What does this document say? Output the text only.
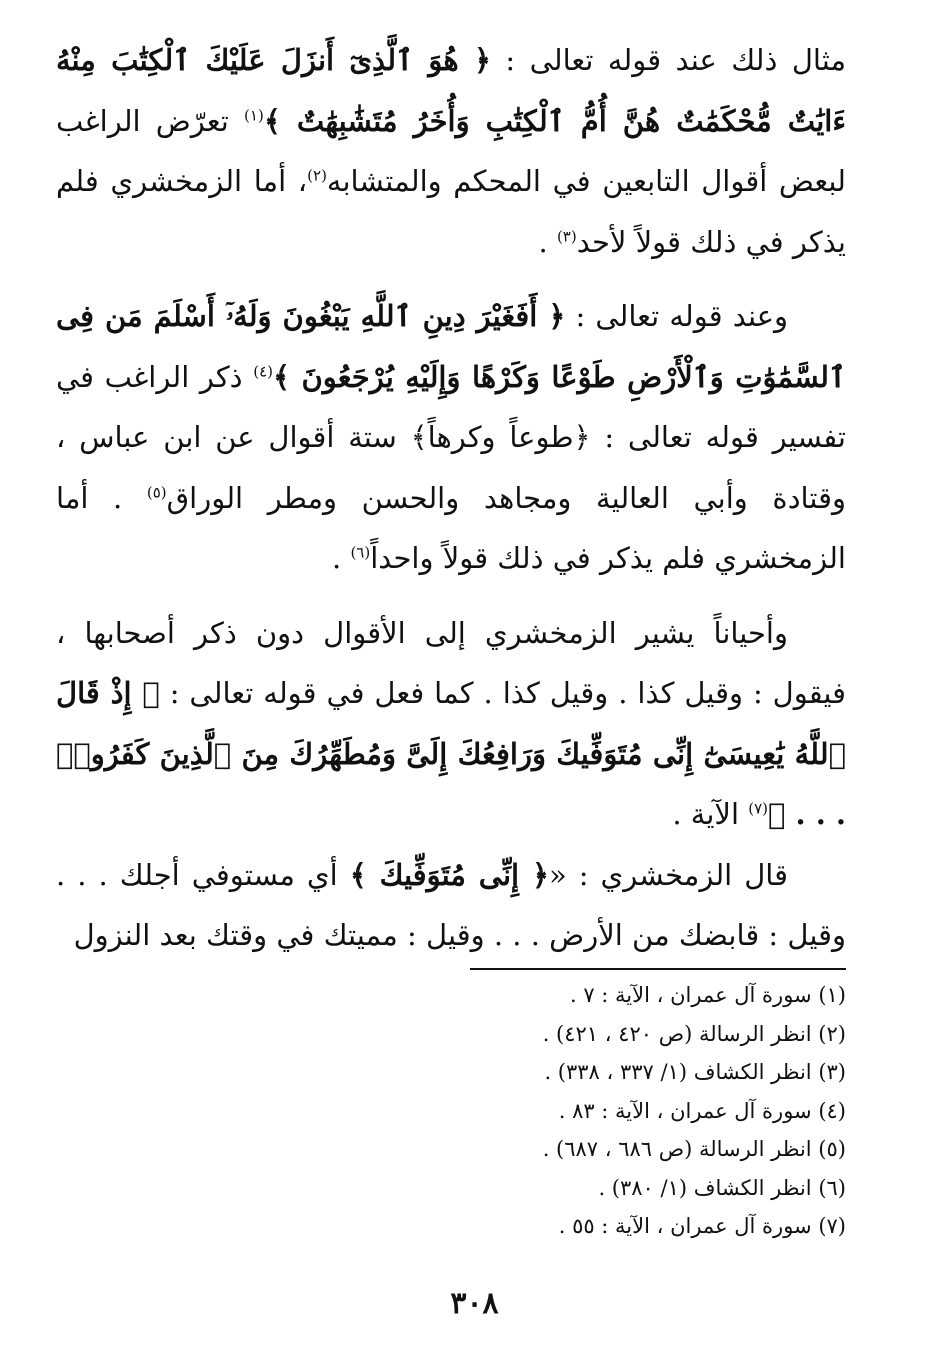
مثال ذلك عند قوله تعالى : ﴿ هُوَ ٱلَّذِىٓ أَنزَلَ عَلَيْكَ ٱلْكِتَٰبَ مِنْهُ ءَايَٰتٌ مُّحْكَمَٰتٌ هُنَّ أُمُّ ٱلْكِتَٰبِ وَأُخَرُ مُتَشَٰبِهَٰتٌ ﴾$^{(١)}$ تعرّض الراغب لبعض أقوال التابعين في المحكم والمتشابه$^{(٢)}$، أما الزمخشري فلم يذكر في ذلك قولاً لأحد$^{(٣)}$ .

وعند قوله تعالى : ﴿ أَفَغَيْرَ دِينِ ٱللَّهِ يَبْغُونَ وَلَهُۥٓ أَسْلَمَ مَن فِى ٱلسَّمَٰوَٰتِ وَٱلْأَرْضِ طَوْعًا وَكَرْهًا وَإِلَيْهِ يُرْجَعُونَ ﴾$^{(٤)}$ ذكر الراغب في تفسير قوله تعالى : ﴿طوعاً وكرهاً﴾ ستة أقوال عن ابن عباس ، وقتادة وأبي العالية ومجاهد والحسن ومطر الوراق$^{(٥)}$ . أما الزمخشري فلم يذكر في ذلك قولاً واحداً$^{(٦)}$ .

وأحياناً يشير الزمخشري إلى الأقوال دون ذكر أصحابها ، فيقول : وقيل كذا . وقيل كذا . كما فعل في قوله تعالى : ﴿ إِذْ قَالَ ٱللَّهُ يَٰعِيسَىٰٓ إِنِّى مُتَوَفِّيكَ وَرَافِعُكَ إِلَىَّ وَمُطَهِّرُكَ مِنَ ٱلَّذِينَ كَفَرُوا۟ . . . ﴾$^{(٧)}$ الآية .

قال الزمخشري : «﴿ إِنِّى مُتَوَفِّيكَ ﴾ أي مستوفي أجلك . . . وقيل : قابضك من الأرض . . . وقيل : مميتك في وقتك بعد النزول

(١) سورة آل عمران ، الآية : ٧ .

(٢) انظر الرسالة (ص ٤٢٠ ، ٤٢١) .

(٣) انظر الكشاف (١/ ٣٣٧ ، ٣٣٨) .

(٤) سورة آل عمران ، الآية : ٨٣ .

(٥) انظر الرسالة (ص ٦٨٦ ، ٦٨٧) .

(٦) انظر الكشاف (١/ ٣٨٠) .

(٧) سورة آل عمران ، الآية : ٥٥ .

٣٠٨
